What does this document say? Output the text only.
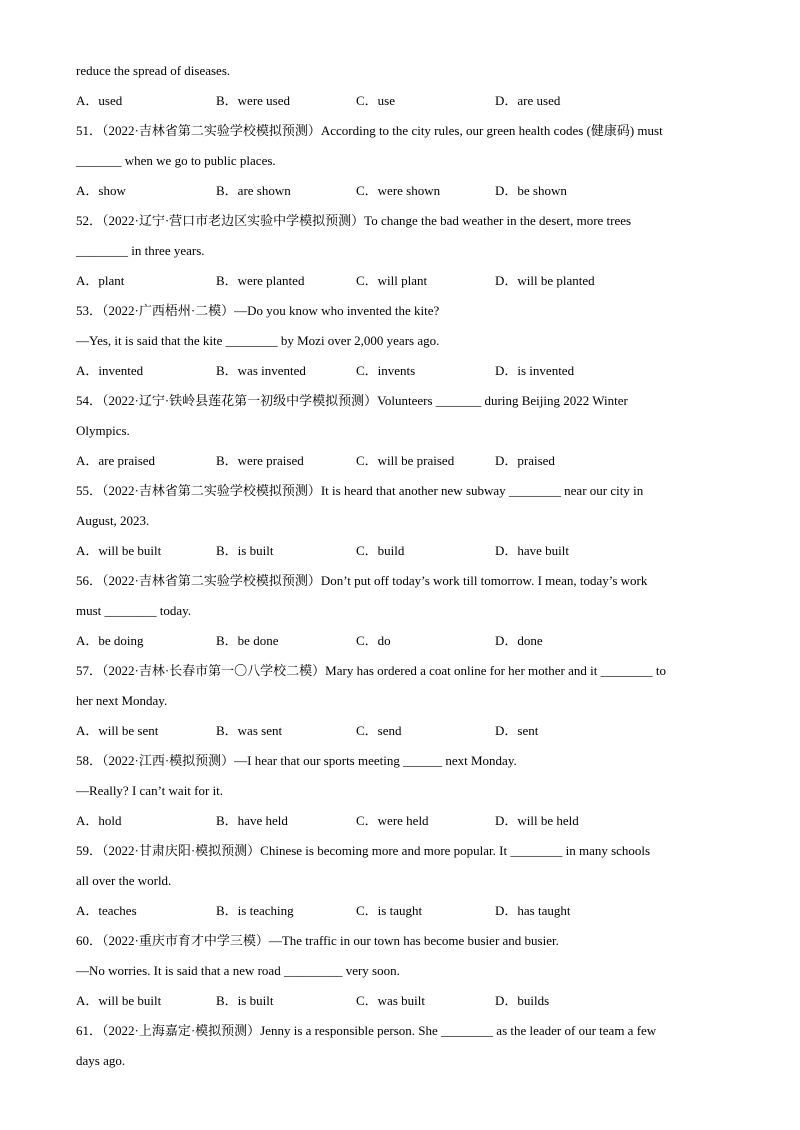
reduce the spread of diseases.
A．used	B．were used	C．use	D．are used
51．（2022·吉林省第二实验学校模拟预测）According to the city rules, our green health codes (健康码) must
_______ when we go to public places.
A．show	B．are shown	C．were shown	D．be shown
52．（2022·辽宁·营口市老边区实验中学模拟预测）To change the bad weather in the desert, more trees
________ in three years.
A．plant	B．were planted	C．will plant	D．will be planted
53．（2022·广西梧州·二模）—Do you know who invented the kite?
—Yes, it is said that the kite ________ by Mozi over 2,000 years ago.
A．invented	B．was invented	C．invents	D．is invented
54．（2022·辽宁·铁岭县莲花第一初级中学模拟预测）Volunteers _______ during Beijing 2022 Winter
Olympics.
A．are praised	B．were praised	C．will be praised	D．praised
55．（2022·吉林省第二实验学校模拟预测）It is heard that another new subway ________ near our city in
August, 2023.
A．will be built	B．is built	C．build	D．have built
56．（2022·吉林省第二实验学校模拟预测）Don’t put off today’s work till tomorrow. I mean, today’s work
must ________ today.
A．be doing	B．be done	C．do	D．done
57．（2022·吉林·长春市第一〇八学校二模）Mary has ordered a coat online for her mother and it ________ to
her next Monday.
A．will be sent	B．was sent	C．send	D．sent
58．（2022·江西·模拟预测）—I hear that our sports meeting ______ next Monday.
—Really? I can’t wait for it.
A．hold	B．have held	C．were held	D．will be held
59．（2022·甘肃庆阳·模拟预测）Chinese is becoming more and more popular. It ________ in many schools
all over the world.
A．teaches	B．is teaching	C．is taught	D．has taught
60．（2022·重庆市育才中学三模）—The traffic in our town has become busier and busier.
—No worries. It is said that a new road _________ very soon.
A．will be built	B．is built	C．was built	D．builds
61．（2022·上海嘉定·模拟预测）Jenny is a responsible person. She ________ as the leader of our team a few
days ago.
